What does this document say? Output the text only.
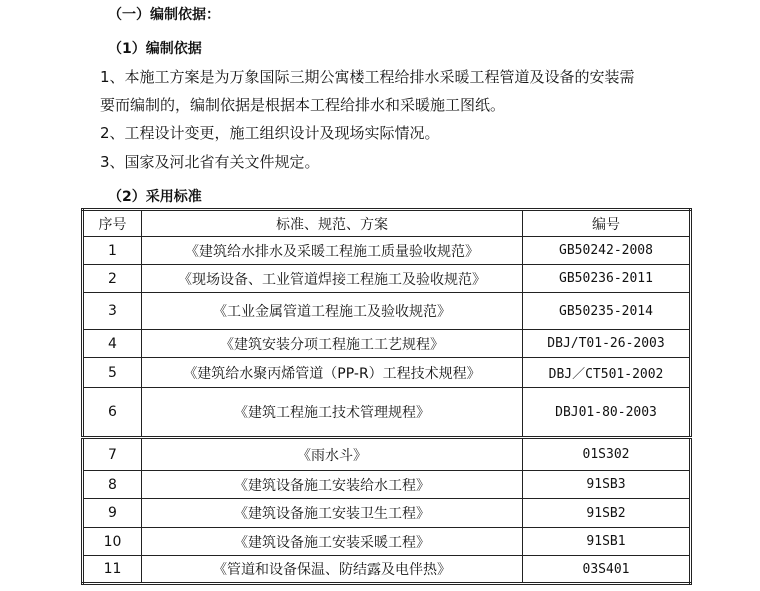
（一）编制依据：
（1）编制依据
1、本施工方案是为万象国际三期公寓楼工程给排水采暖工程管道及设备的安装需
要而编制的，编制依据是根据本工程给排水和采暖施工图纸。
2、工程设计变更，施工组织设计及现场实际情况。
3、国家及河北省有关文件规定。
（2）采用标准
序号	标准、规范、方案	编号
1	《建筑给水排水及采暖工程施工质量验收规范》	GB50242-2008
2	《现场设备、工业管道焊接工程施工及验收规范》	GB50236-2011
3	《工业金属管道工程施工及验收规范》	GB50235-2014
4	《建筑安装分项工程施工工艺规程》	DBJ/T01-26-2003
5	《建筑给水聚丙烯管道（PP-R）工程技术规程》	DBJ／CT501-2002
6	《建筑工程施工技术管理规程》	DBJ01-80-2003
7	《雨水斗》	01S302
8	《建筑设备施工安装给水工程》	91SB3
9	《建筑设备施工安装卫生工程》	91SB2
10	《建筑设备施工安装采暖工程》	91SB1
11	《管道和设备保温、防结露及电伴热》	03S401
